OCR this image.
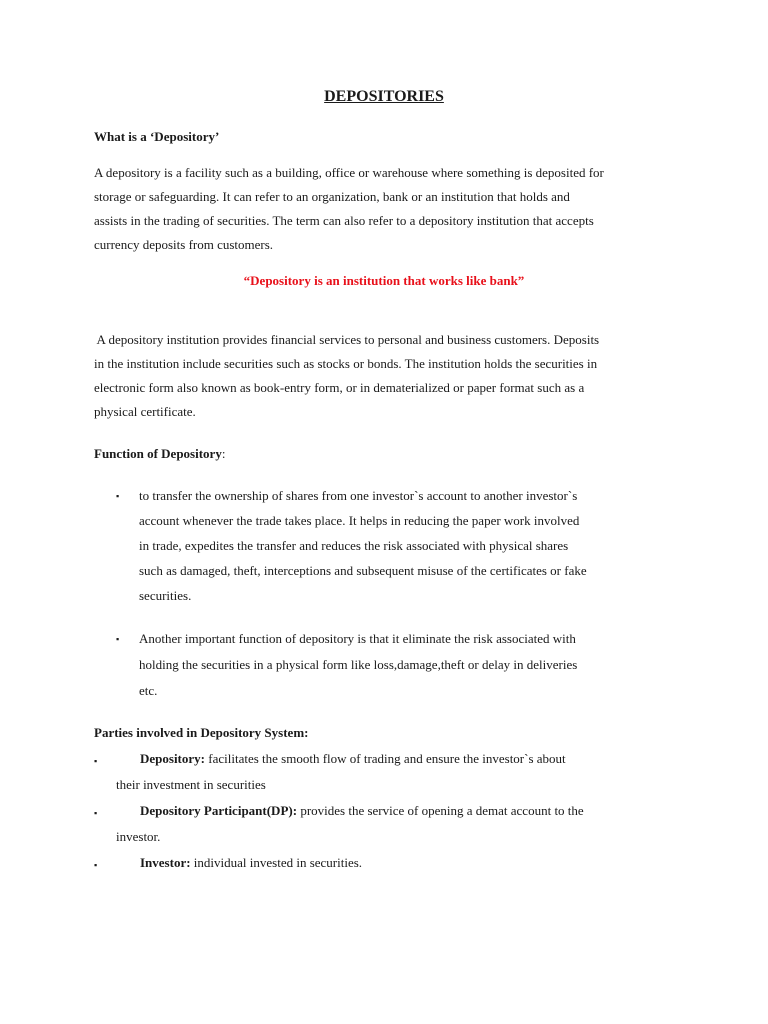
DEPOSITORIES
What is a ‘Depository’
A depository is a facility such as a building, office or warehouse where something is deposited for
storage or safeguarding. It can refer to an organization, bank or an institution that holds and
assists in the trading of securities. The term can also refer to a depository institution that accepts
currency deposits from customers.
“Depository is an institution that works like bank”
A depository institution provides financial services to personal and business customers. Deposits
in the institution include securities such as stocks or bonds. The institution holds the securities in
electronic form also known as book-entry form, or in dematerialized or paper format such as a
physical certificate.
Function of Depository:
▪ to transfer the ownership of shares from one investor`s account to another investor`s
account whenever the trade takes place. It helps in reducing the paper work involved
in trade, expedites the transfer and reduces the risk associated with physical shares
such as damaged, theft, interceptions and subsequent misuse of the certificates or fake
securities.
▪ Another important function of depository is that it eliminate the risk associated with
holding the securities in a physical form like loss,damage,theft or delay in deliveries
etc.
Parties involved in Depository System:
▪	Depository: facilitates the smooth flow of trading and ensure the investor`s about
their investment in securities
▪	Depository Participant(DP): provides the service of opening a demat account to the
investor.
▪	Investor: individual invested in securities.
